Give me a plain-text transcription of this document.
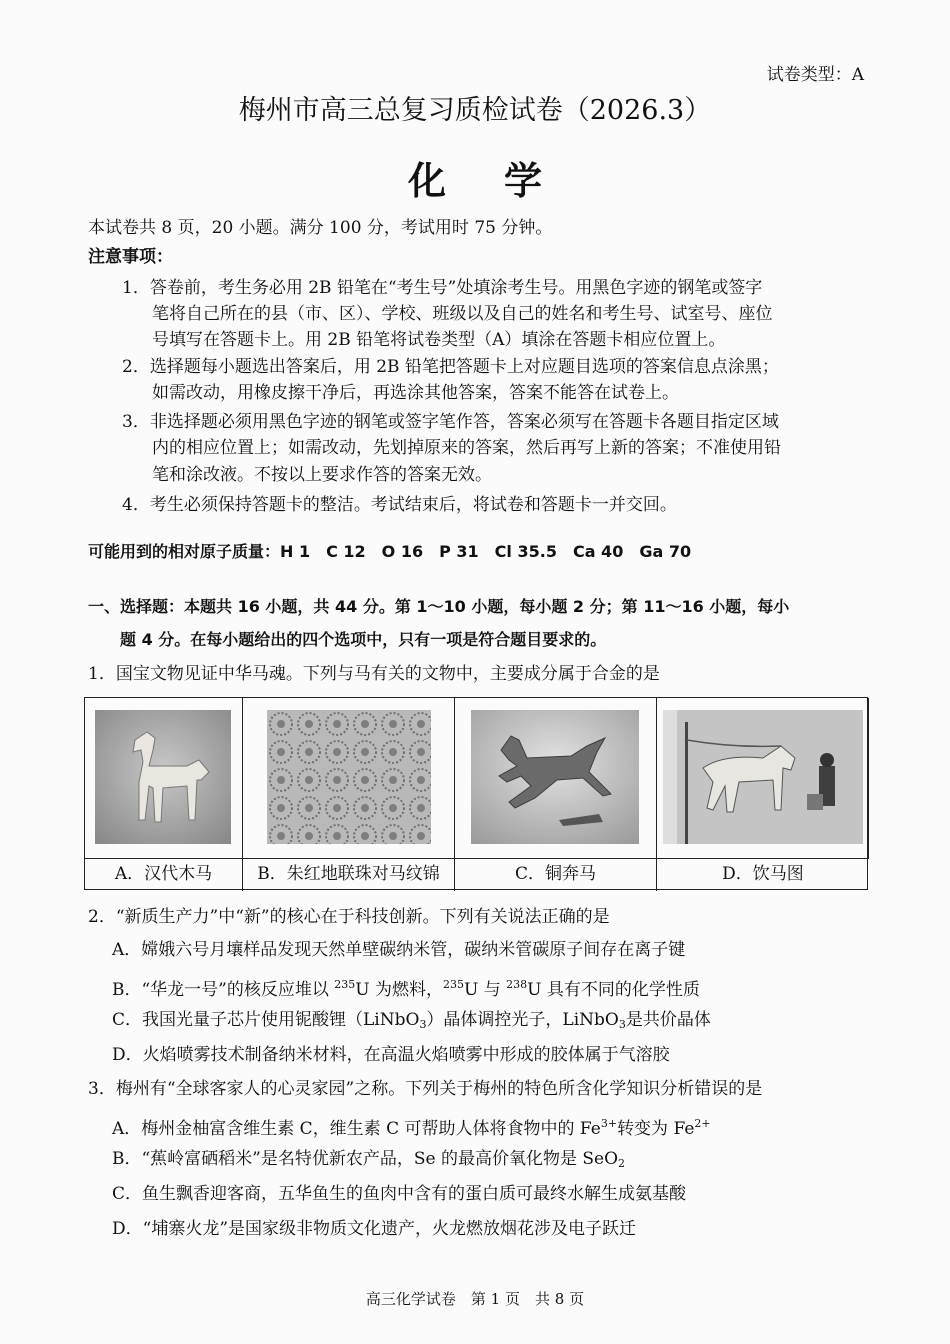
试卷类型：A
梅州市高三总复习质检试卷（2026.3）
化学
本试卷共 8 页，20 小题。满分 100 分，考试用时 75 分钟。
注意事项：
1．答卷前，考生务必用 2B 铅笔在“考生号”处填涂考生号。用黑色字迹的钢笔或签字
笔将自己所在的县（市、区）、学校、班级以及自己的姓名和考生号、试室号、座位
号填写在答题卡上。用 2B 铅笔将试卷类型（A）填涂在答题卡相应位置上。
2．选择题每小题选出答案后，用 2B 铅笔把答题卡上对应题目选项的答案信息点涂黑；
如需改动，用橡皮擦干净后，再选涂其他答案，答案不能答在试卷上。
3．非选择题必须用黑色字迹的钢笔或签字笔作答，答案必须写在答题卡各题目指定区域
内的相应位置上；如需改动，先划掉原来的答案，然后再写上新的答案；不准使用铅
笔和涂改液。不按以上要求作答的答案无效。
4．考生必须保持答题卡的整洁。考试结束后，将试卷和答题卡一并交回。
可能用到的相对原子质量：H 1　C 12　O 16　P 31　Cl 35.5　Ca 40　Ga 70
一、选择题：本题共 16 小题，共 44 分。第 1～10 小题，每小题 2 分；第 11～16 小题，每小
题 4 分。在每小题给出的四个选项中，只有一项是符合题目要求的。
1．国宝文物见证中华马魂。下列与马有关的文物中，主要成分属于合金的是
A．汉代木马	B．朱红地联珠对马纹锦	C．铜奔马	D．饮马图
2．“新质生产力”中“新”的核心在于科技创新。下列有关说法正确的是
A．嫦娥六号月壤样品发现天然单壁碳纳米管，碳纳米管碳原子间存在离子键
B．“华龙一号”的核反应堆以 $^{235}$U 为燃料，$^{235}$U 与 $^{238}$U 具有不同的化学性质
C．我国光量子芯片使用铌酸锂（LiNbO$_3$）晶体调控光子，LiNbO$_3$是共价晶体
D．火焰喷雾技术制备纳米材料，在高温火焰喷雾中形成的胶体属于气溶胶
3．梅州有“全球客家人的心灵家园”之称。下列关于梅州的特色所含化学知识分析错误的是
A．梅州金柚富含维生素 C，维生素 C 可帮助人体将食物中的 $Fe^{3+}$转变为 $Fe^{2+}$
B．“蕉岭富硒稻米”是名特优新农产品，Se 的最高价氧化物是 SeO$_2$
C．鱼生飘香迎客商，五华鱼生的鱼肉中含有的蛋白质可最终水解生成氨基酸
D．“埔寨火龙”是国家级非物质文化遗产，火龙燃放烟花涉及电子跃迁
高三化学试卷　第 1 页　共 8 页
